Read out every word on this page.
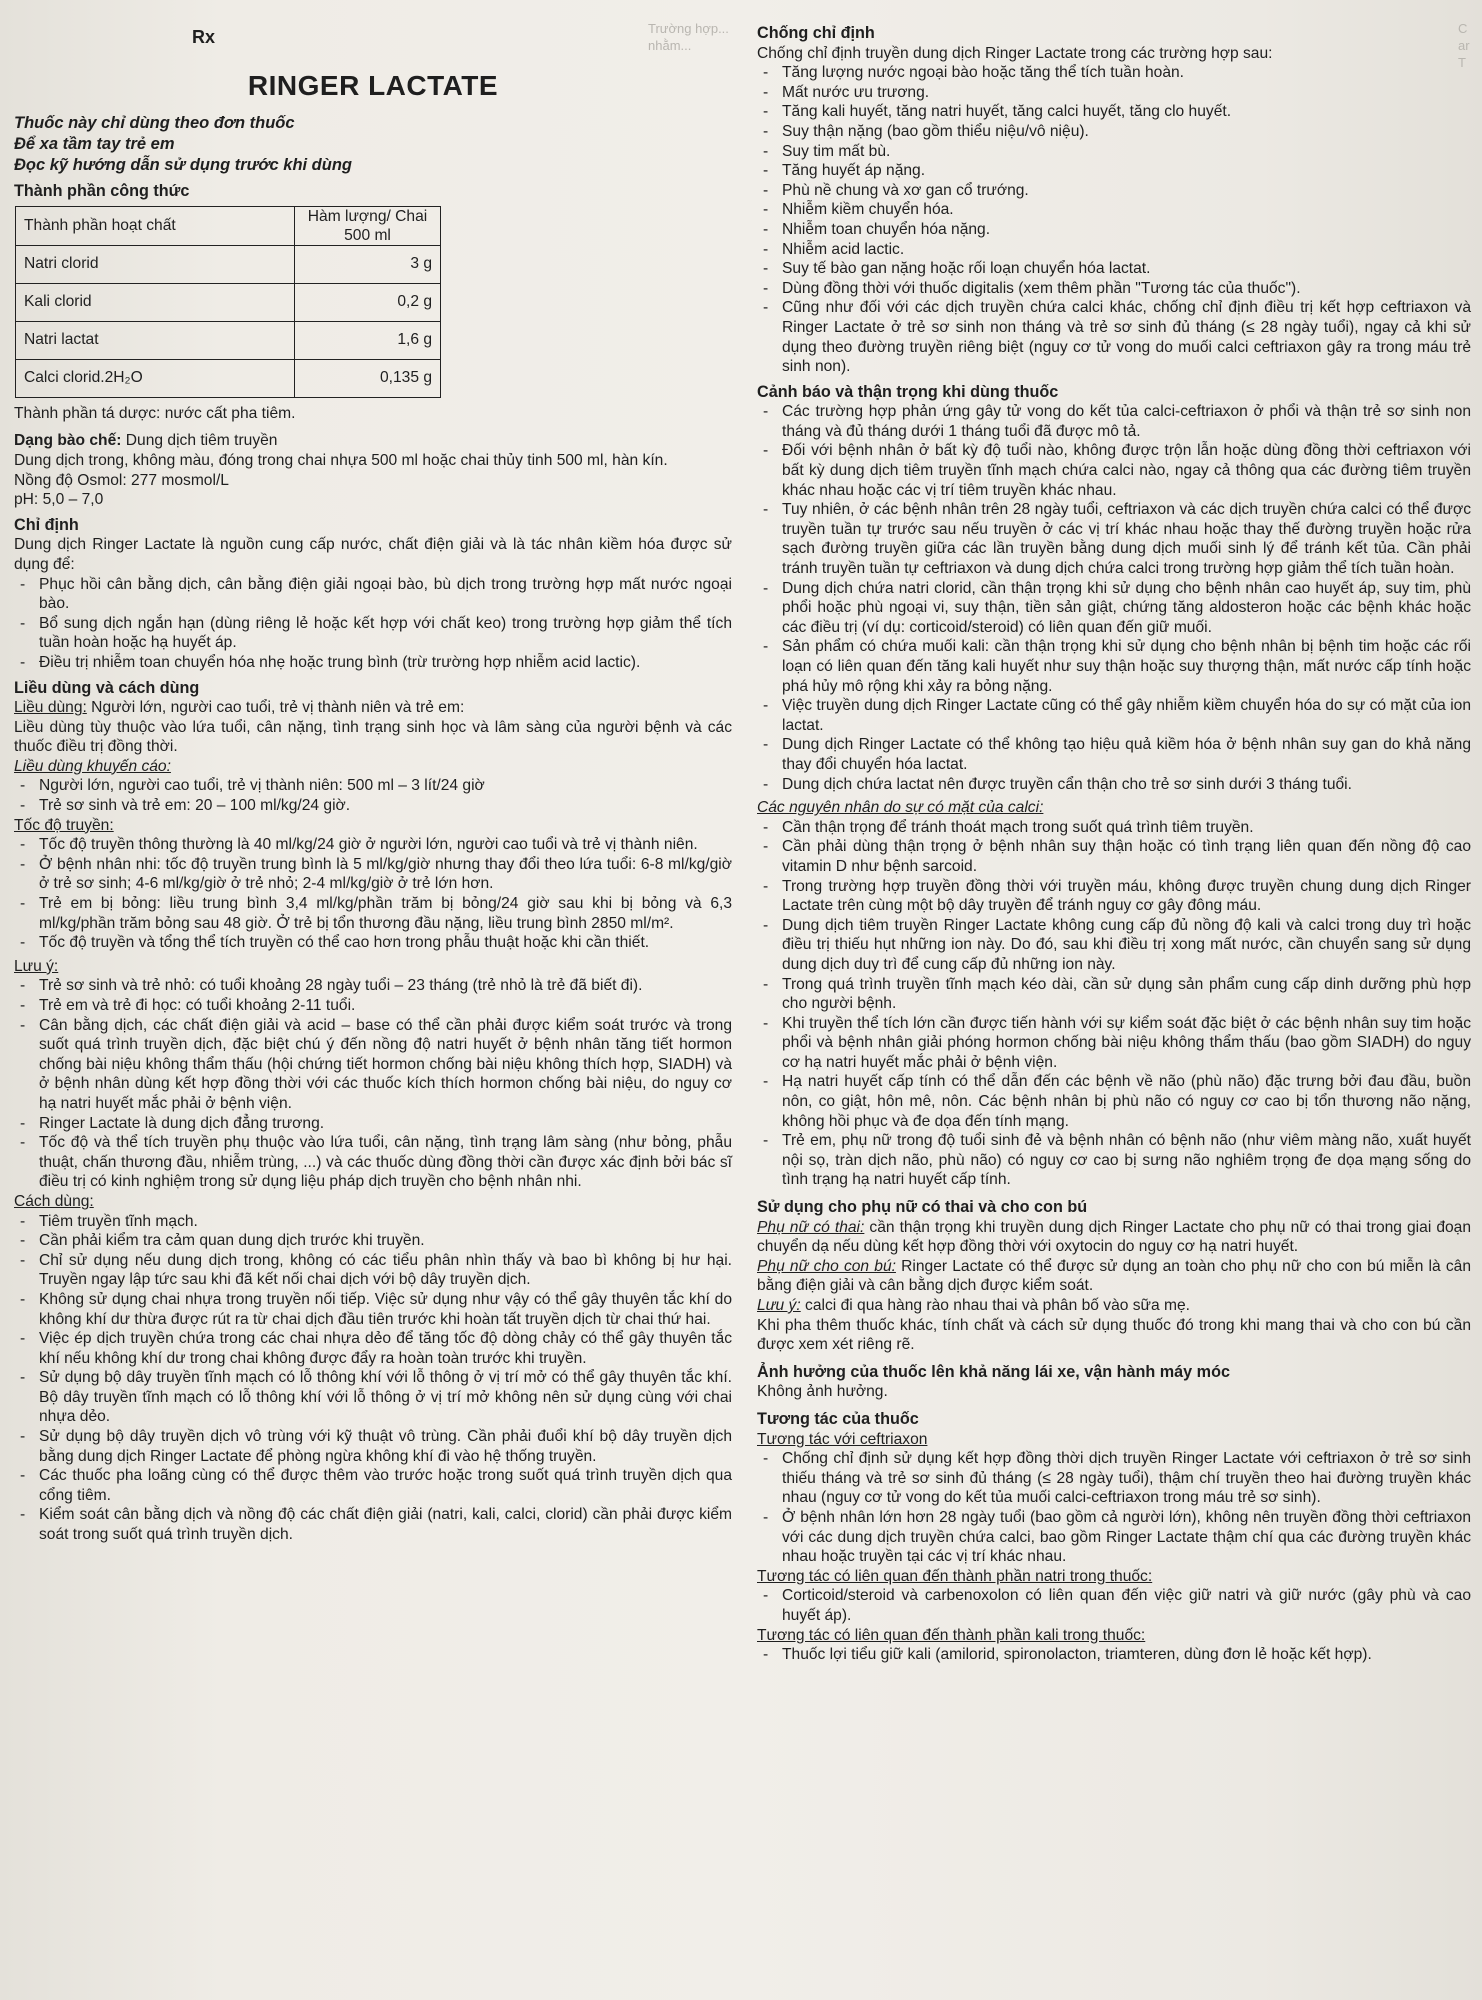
Trường hợp...
nhằm...
C
ar
T
Rx
RINGER LACTATE
Thuốc này chỉ dùng theo đơn thuốc
Để xa tầm tay trẻ em
Đọc kỹ hướng dẫn sử dụng trước khi dùng
Thành phần công thức
Thành phần hoạt chất	Hàm lượng/ Chai 500 ml
Natri clorid	3 g
Kali clorid	0,2 g
Natri lactat	1,6 g
Calci clorid.2H₂O	0,135 g

Thành phần tá dược: nước cất pha tiêm.

Dạng bào chế: Dung dịch tiêm truyền

Dung dịch trong, không màu, đóng trong chai nhựa 500 ml hoặc chai thủy tinh 500 ml, hàn kín.

Nồng độ Osmol: 277 mosmol/L

pH: 5,0 – 7,0

Chỉ định

Dung dịch Ringer Lactate là nguồn cung cấp nước, chất điện giải và là tác nhân kiềm hóa được sử dụng để:

- Phục hồi cân bằng dịch, cân bằng điện giải ngoại bào, bù dịch trong trường hợp mất nước ngoại bào.
- Bổ sung dịch ngắn hạn (dùng riêng lẻ hoặc kết hợp với chất keo) trong trường hợp giảm thể tích tuần hoàn hoặc hạ huyết áp.
- Điều trị nhiễm toan chuyển hóa nhẹ hoặc trung bình (trừ trường hợp nhiễm acid lactic).
Liều dùng và cách dùng

Liều dùng: Người lớn, người cao tuổi, trẻ vị thành niên và trẻ em:

Liều dùng tùy thuộc vào lứa tuổi, cân nặng, tình trạng sinh học và lâm sàng của người bệnh và các thuốc điều trị đồng thời.

Liều dùng khuyến cáo:

- Người lớn, người cao tuổi, trẻ vị thành niên: 500 ml – 3 lít/24 giờ
- Trẻ sơ sinh và trẻ em: 20 – 100 ml/kg/24 giờ.

Tốc độ truyền:

- Tốc độ truyền thông thường là 40 ml/kg/24 giờ ở người lớn, người cao tuổi và trẻ vị thành niên.
- Ở bệnh nhân nhi: tốc độ truyền trung bình là 5 ml/kg/giờ nhưng thay đổi theo lứa tuổi: 6-8 ml/kg/giờ ở trẻ sơ sinh; 4-6 ml/kg/giờ ở trẻ nhỏ; 2-4 ml/kg/giờ ở trẻ lớn hơn.
- Trẻ em bị bỏng: liều trung bình 3,4 ml/kg/phần trăm bị bỏng/24 giờ sau khi bị bỏng và 6,3 ml/kg/phần trăm bỏng sau 48 giờ. Ở trẻ bị tổn thương đầu nặng, liều trung bình 2850 ml/m².
- Tốc độ truyền và tổng thể tích truyền có thể cao hơn trong phẫu thuật hoặc khi cần thiết.

Lưu ý:

- Trẻ sơ sinh và trẻ nhỏ: có tuổi khoảng 28 ngày tuổi – 23 tháng (trẻ nhỏ là trẻ đã biết đi).
- Trẻ em và trẻ đi học: có tuổi khoảng 2-11 tuổi.
- Cân bằng dịch, các chất điện giải và acid – base có thể cần phải được kiểm soát trước và trong suốt quá trình truyền dịch, đặc biệt chú ý đến nồng độ natri huyết ở bệnh nhân tăng tiết hormon chống bài niệu không thẩm thấu (hội chứng tiết hormon chống bài niệu không thích hợp, SIADH) và ở bệnh nhân dùng kết hợp đồng thời với các thuốc kích thích hormon chống bài niệu, do nguy cơ hạ natri huyết mắc phải ở bệnh viện.
- Ringer Lactate là dung dịch đẳng trương.
- Tốc độ và thể tích truyền phụ thuộc vào lứa tuổi, cân nặng, tình trạng lâm sàng (như bỏng, phẫu thuật, chấn thương đầu, nhiễm trùng, ...) và các thuốc dùng đồng thời cần được xác định bởi bác sĩ điều trị có kinh nghiệm trong sử dụng liệu pháp dịch truyền cho bệnh nhân nhi.

Cách dùng:

- Tiêm truyền tĩnh mạch.
- Cần phải kiểm tra cảm quan dung dịch trước khi truyền.
- Chỉ sử dụng nếu dung dịch trong, không có các tiểu phân nhìn thấy và bao bì không bị hư hại. Truyền ngay lập tức sau khi đã kết nối chai dịch với bộ dây truyền dịch.
- Không sử dụng chai nhựa trong truyền nối tiếp. Việc sử dụng như vậy có thể gây thuyên tắc khí do không khí dư thừa được rút ra từ chai dịch đầu tiên trước khi hoàn tất truyền dịch từ chai thứ hai.
- Việc ép dịch truyền chứa trong các chai nhựa dẻo để tăng tốc độ dòng chảy có thể gây thuyên tắc khí nếu không khí dư trong chai không được đẩy ra hoàn toàn trước khi truyền.
- Sử dụng bộ dây truyền tĩnh mạch có lỗ thông khí với lỗ thông ở vị trí mở có thể gây thuyên tắc khí. Bộ dây truyền tĩnh mạch có lỗ thông khí với lỗ thông ở vị trí mở không nên sử dụng cùng với chai nhựa dẻo.
- Sử dụng bộ dây truyền dịch vô trùng với kỹ thuật vô trùng. Cần phải đuổi khí bộ dây truyền dịch bằng dung dịch Ringer Lactate để phòng ngừa không khí đi vào hệ thống truyền.
- Các thuốc pha loãng cùng có thể được thêm vào trước hoặc trong suốt quá trình truyền dịch qua cổng tiêm.
- Kiểm soát cân bằng dịch và nồng độ các chất điện giải (natri, kali, calci, clorid) cần phải được kiểm soát trong suốt quá trình truyền dịch.
Chống chỉ định

Chống chỉ định truyền dung dịch Ringer Lactate trong các trường hợp sau:

- Tăng lượng nước ngoại bào hoặc tăng thể tích tuần hoàn.
- Mất nước ưu trương.
- Tăng kali huyết, tăng natri huyết, tăng calci huyết, tăng clo huyết.
- Suy thận nặng (bao gồm thiểu niệu/vô niệu).
- Suy tim mất bù.
- Tăng huyết áp nặng.
- Phù nề chung và xơ gan cổ trướng.
- Nhiễm kiềm chuyển hóa.
- Nhiễm toan chuyển hóa nặng.
- Nhiễm acid lactic.
- Suy tế bào gan nặng hoặc rối loạn chuyển hóa lactat.
- Dùng đồng thời với thuốc digitalis (xem thêm phần "Tương tác của thuốc").
- Cũng như đối với các dịch truyền chứa calci khác, chống chỉ định điều trị kết hợp ceftriaxon và Ringer Lactate ở trẻ sơ sinh non tháng và trẻ sơ sinh đủ tháng (≤ 28 ngày tuổi), ngay cả khi sử dụng theo đường truyền riêng biệt (nguy cơ tử vong do muối calci ceftriaxon gây ra trong máu trẻ sinh non).
Cảnh báo và thận trọng khi dùng thuốc
- Các trường hợp phản ứng gây tử vong do kết tủa calci-ceftriaxon ở phổi và thận trẻ sơ sinh non tháng và đủ tháng dưới 1 tháng tuổi đã được mô tả.
- Đối với bệnh nhân ở bất kỳ độ tuổi nào, không được trộn lẫn hoặc dùng đồng thời ceftriaxon với bất kỳ dung dịch tiêm truyền tĩnh mạch chứa calci nào, ngay cả thông qua các đường tiêm truyền khác nhau hoặc các vị trí tiêm truyền khác nhau.
- Tuy nhiên, ở các bệnh nhân trên 28 ngày tuổi, ceftriaxon và các dịch truyền chứa calci có thể được truyền tuần tự trước sau nếu truyền ở các vị trí khác nhau hoặc thay thế đường truyền hoặc rửa sạch đường truyền giữa các lần truyền bằng dung dịch muối sinh lý để tránh kết tủa. Cần phải tránh truyền tuần tự ceftriaxon và dung dịch chứa calci trong trường hợp giảm thể tích tuần hoàn.
- Dung dịch chứa natri clorid, cần thận trọng khi sử dụng cho bệnh nhân cao huyết áp, suy tim, phù phổi hoặc phù ngoại vi, suy thận, tiền sản giật, chứng tăng aldosteron hoặc các bệnh khác hoặc các điều trị (ví dụ: corticoid/steroid) có liên quan đến giữ muối.
- Sản phẩm có chứa muối kali: cần thận trọng khi sử dụng cho bệnh nhân bị bệnh tim hoặc các rối loạn có liên quan đến tăng kali huyết như suy thận hoặc suy thượng thận, mất nước cấp tính hoặc phá hủy mô rộng khi xảy ra bỏng nặng.
- Việc truyền dung dịch Ringer Lactate cũng có thể gây nhiễm kiềm chuyển hóa do sự có mặt của ion lactat.
- Dung dịch Ringer Lactate có thể không tạo hiệu quả kiềm hóa ở bệnh nhân suy gan do khả năng thay đổi chuyển hóa lactat.
- Dung dịch chứa lactat nên được truyền cẩn thận cho trẻ sơ sinh dưới 3 tháng tuổi.

Các nguyên nhân do sự có mặt của calci:

- Cần thận trọng để tránh thoát mạch trong suốt quá trình tiêm truyền.
- Cần phải dùng thận trọng ở bệnh nhân suy thận hoặc có tình trạng liên quan đến nồng độ cao vitamin D như bệnh sarcoid.
- Trong trường hợp truyền đồng thời với truyền máu, không được truyền chung dung dịch Ringer Lactate trên cùng một bộ dây truyền để tránh nguy cơ gây đông máu.
- Dung dịch tiêm truyền Ringer Lactate không cung cấp đủ nồng độ kali và calci trong duy trì hoặc điều trị thiếu hụt những ion này. Do đó, sau khi điều trị xong mất nước, cần chuyển sang sử dụng dung dịch duy trì để cung cấp đủ những ion này.
- Trong quá trình truyền tĩnh mạch kéo dài, cần sử dụng sản phẩm cung cấp dinh dưỡng phù hợp cho người bệnh.
- Khi truyền thể tích lớn cần được tiến hành với sự kiểm soát đặc biệt ở các bệnh nhân suy tim hoặc phổi và bệnh nhân giải phóng hormon chống bài niệu không thẩm thấu (bao gồm SIADH) do nguy cơ hạ natri huyết mắc phải ở bệnh viện.
- Hạ natri huyết cấp tính có thể dẫn đến các bệnh về não (phù não) đặc trưng bởi đau đầu, buồn nôn, co giật, hôn mê, nôn. Các bệnh nhân bị phù não có nguy cơ cao bị tổn thương não nặng, không hồi phục và đe dọa đến tính mạng.
- Trẻ em, phụ nữ trong độ tuổi sinh đẻ và bệnh nhân có bệnh não (như viêm màng não, xuất huyết nội sọ, tràn dịch não, phù não) có nguy cơ cao bị sưng não nghiêm trọng đe dọa mạng sống do tình trạng hạ natri huyết cấp tính.
Sử dụng cho phụ nữ có thai và cho con bú

Phụ nữ có thai: cần thận trọng khi truyền dung dịch Ringer Lactate cho phụ nữ có thai trong giai đoạn chuyển dạ nếu dùng kết hợp đồng thời với oxytocin do nguy cơ hạ natri huyết.

Phụ nữ cho con bú: Ringer Lactate có thể được sử dụng an toàn cho phụ nữ cho con bú miễn là cân bằng điện giải và cân bằng dịch được kiểm soát.

Lưu ý: calci đi qua hàng rào nhau thai và phân bố vào sữa mẹ.

Khi pha thêm thuốc khác, tính chất và cách sử dụng thuốc đó trong khi mang thai và cho con bú cần được xem xét riêng rẽ.

Ảnh hưởng của thuốc lên khả năng lái xe, vận hành máy móc

Không ảnh hưởng.

Tương tác của thuốc

Tương tác với ceftriaxon

- Chống chỉ định sử dụng kết hợp đồng thời dịch truyền Ringer Lactate với ceftriaxon ở trẻ sơ sinh thiếu tháng và trẻ sơ sinh đủ tháng (≤ 28 ngày tuổi), thậm chí truyền theo hai đường truyền khác nhau (nguy cơ tử vong do kết tủa muối calci-ceftriaxon trong máu trẻ sơ sinh).
- Ở bệnh nhân lớn hơn 28 ngày tuổi (bao gồm cả người lớn), không nên truyền đồng thời ceftriaxon với các dung dịch truyền chứa calci, bao gồm Ringer Lactate thậm chí qua các đường truyền khác nhau hoặc truyền tại các vị trí khác nhau.

Tương tác có liên quan đến thành phần natri trong thuốc:

- Corticoid/steroid và carbenoxolon có liên quan đến việc giữ natri và giữ nước (gây phù và cao huyết áp).

Tương tác có liên quan đến thành phần kali trong thuốc:

- Thuốc lợi tiểu giữ kali (amilorid, spironolacton, triamteren, dùng đơn lẻ hoặc kết hợp).
